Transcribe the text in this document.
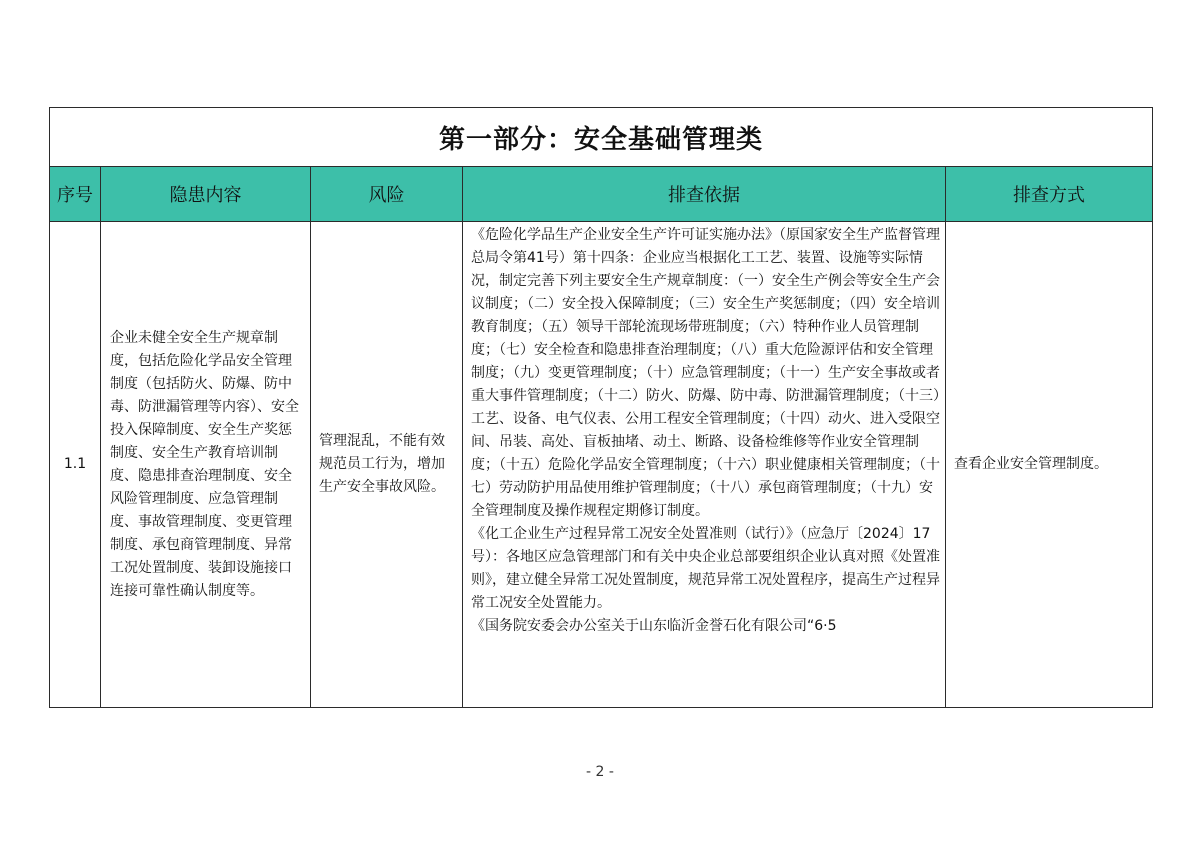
第一部分：安全基础管理类				
序号	隐患内容	风险	排查依据	排查方式
1.1	企业未健全安全生产规章制度，包括危险化学品安全管理制度（包括防火、防爆、防中毒、防泄漏管理等内容）、安全投入保障制度、安全生产奖惩制度、安全生产教育培训制度、隐患排查治理制度、安全风险管理制度、应急管理制度、事故管理制度、变更管理制度、承包商管理制度、异常工况处置制度、装卸设施接口连接可靠性确认制度等。	管理混乱，不能有效规范员工行为，增加生产安全事故风险。	《危险化学品生产企业安全生产许可证实施办法》（原国家安全生产监督管理总局令第41号）第十四条：企业应当根据化工工艺、装置、设施等实际情况，制定完善下列主要安全生产规章制度：（一）安全生产例会等安全生产会议制度；（二）安全投入保障制度；（三）安全生产奖惩制度；（四）安全培训教育制度；（五）领导干部轮流现场带班制度；（六）特种作业人员管理制度；（七）安全检查和隐患排查治理制度；（八）重大危险源评估和安全管理制度；（九）变更管理制度；（十）应急管理制度；（十一）生产安全事故或者重大事件管理制度；（十二）防火、防爆、防中毒、防泄漏管理制度；（十三）工艺、设备、电气仪表、公用工程安全管理制度；（十四）动火、进入受限空间、吊装、高处、盲板抽堵、动土、断路、设备检维修等作业安全管理制度；（十五）危险化学品安全管理制度；（十六）职业健康相关管理制度；（十七）劳动防护用品使用维护管理制度；（十八）承包商管理制度；（十九）安全管理制度及操作规程定期修订制度。

《化工企业生产过程异常工况安全处置准则（试行）》（应急厅〔2024〕17号）：各地区应急管理部门和有关中央企业总部要组织企业认真对照《处置准则》，建立健全异常工况处置制度，规范异常工况处置程序，提高生产过程异常工况安全处置能力。

《国务院安委会办公室关于山东临沂金誉石化有限公司“6·5	查看企业安全管理制度。
- 2 -
